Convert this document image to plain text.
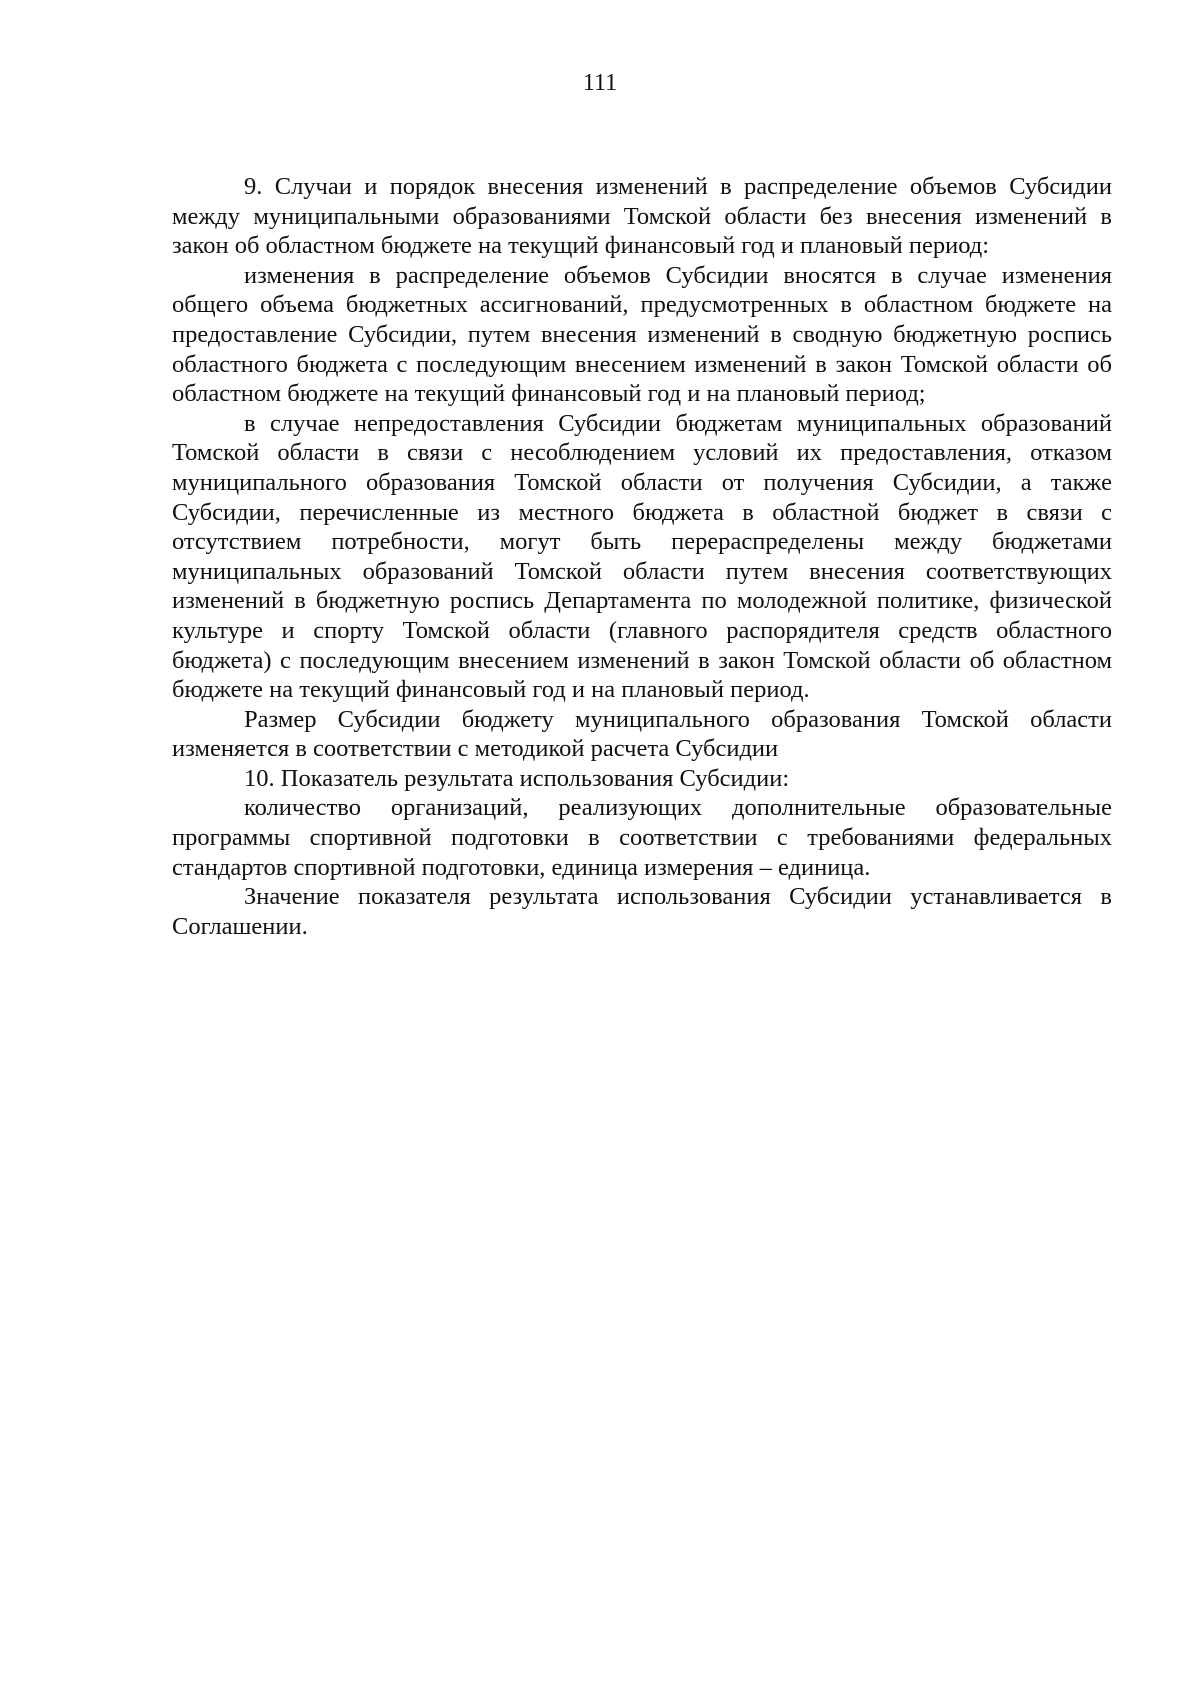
111

9. Случаи и порядок внесения изменений в распределение объемов Субсидии между муниципальными образованиями Томской области без внесения изменений в закон об областном бюджете на текущий финансовый год и плановый период:

изменения в распределение объемов Субсидии вносятся в случае изменения общего объема бюджетных ассигнований, предусмотренных в областном бюджете на предоставление Субсидии, путем внесения изменений в сводную бюджетную роспись областного бюджета с последующим внесением изменений в закон Томской области об областном бюджете на текущий финансовый год и на плановый период;

в случае непредоставления Субсидии бюджетам муниципальных образований Томской области в связи с несоблюдением условий их предоставления, отказом муниципального образования Томской области от получения Субсидии, а также Субсидии, перечисленные из местного бюджета в областной бюджет в связи с отсутствием потребности, могут быть перераспределены между бюджетами муниципальных образований Томской области путем внесения соответствующих изменений в бюджетную роспись Департамента по молодежной политике, физической культуре и спорту Томской области (главного распорядителя средств областного бюджета) с последующим внесением изменений в закон Томской области об областном бюджете на текущий финансовый год и на плановый период.

Размер Субсидии бюджету муниципального образования Томской области изменяется в соответствии с методикой расчета Субсидии

10. Показатель результата использования Субсидии:

количество организаций, реализующих дополнительные образовательные программы спортивной подготовки в соответствии с требованиями федеральных стандартов спортивной подготовки, единица измерения – единица.

Значение показателя результата использования Субсидии устанавливается в Соглашении.
